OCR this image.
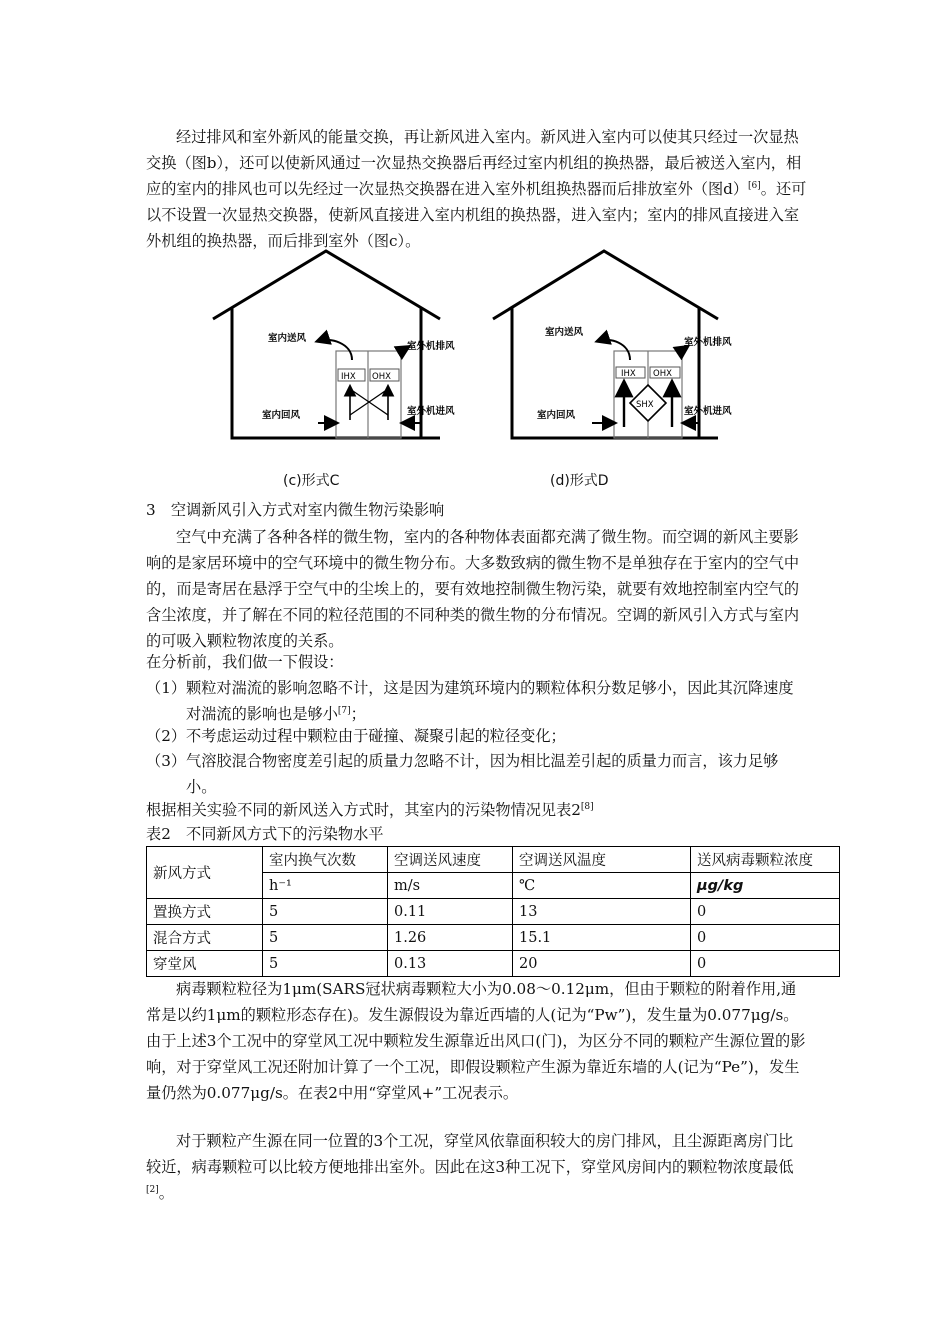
经过排风和室外新风的能量交换，再让新风进入室内。新风进入室内可以使其只经过一次显热交换（图b），还可以使新风通过一次显热交换器后再经过室内机组的换热器，最后被送入室内，相应的室内的排风也可以先经过一次显热交换器在进入室外机组换热器而后排放室外（图d）[6]。还可以不设置一次显热交换器，使新风直接进入室内机组的换热器，进入室内；室内的排风直接进入室外机组的换热器，而后排到室外（图c）。

IHX OHX
室内送风
室外机排风
室内回风	室外机进风
IHX OHX
SHX
室内送风
室外机排风
室内回风	室外机进风
(c)形式C	(d)形式D
3　空调新风引入方式对室内微生物污染影响

空气中充满了各种各样的微生物，室内的各种物体表面都充满了微生物。而空调的新风主要影响的是家居环境中的空气环境中的微生物分布。大多数致病的微生物不是单独存在于室内的空气中的，而是寄居在悬浮于空气中的尘埃上的，要有效地控制微生物污染，就要有效地控制室内空气的含尘浓度，并了解在不同的粒径范围的不同种类的微生物的分布情况。空调的新风引入方式与室内的可吸入颗粒物浓度的关系。

在分析前，我们做一下假设：
（1） 颗粒对湍流的影响忽略不计，这是因为建筑环境内的颗粒体积分数足够小，因此其沉降速度对湍流的影响也是够小[7]；
（2） 不考虑运动过程中颗粒由于碰撞、凝聚引起的粒径变化；
（3） 气溶胶混合物密度差引起的质量力忽略不计，因为相比温差引起的质量力而言，该力足够小。
根据相关实验不同的新风送入方式时，其室内的污染物情况见表2[8]
表2　不同新风方式下的污染物水平
新风方式	室内换气次数	空调送风速度	空调送风温度	送风病毒颗粒浓度
	h⁻¹	m/s	℃	μg/kg
置换方式	5	0.11	13	0
混合方式	5	1.26	15.1	0
穿堂风	5	0.13	20	0

病毒颗粒粒径为1μm(SARS冠状病毒颗粒大小为0.08～0.12μm，但由于颗粒的附着作用,通常是以约1μm的颗粒形态存在)。发生源假设为靠近西墙的人(记为“Pw”)，发生量为0.077μg/s。由于上述3个工况中的穿堂风工况中颗粒发生源靠近出风口(门)，为区分不同的颗粒产生源位置的影响，对于穿堂风工况还附加计算了一个工况，即假设颗粒产生源为靠近东墙的人(记为“Pe”)，发生量仍然为0.077μg/s。在表2中用“穿堂风+”工况表示。

对于颗粒产生源在同一位置的3个工况，穿堂风依靠面积较大的房门排风，且尘源距离房门比较近，病毒颗粒可以比较方便地排出室外。因此在这3种工况下，穿堂风房间内的颗粒物浓度最低[2]。
